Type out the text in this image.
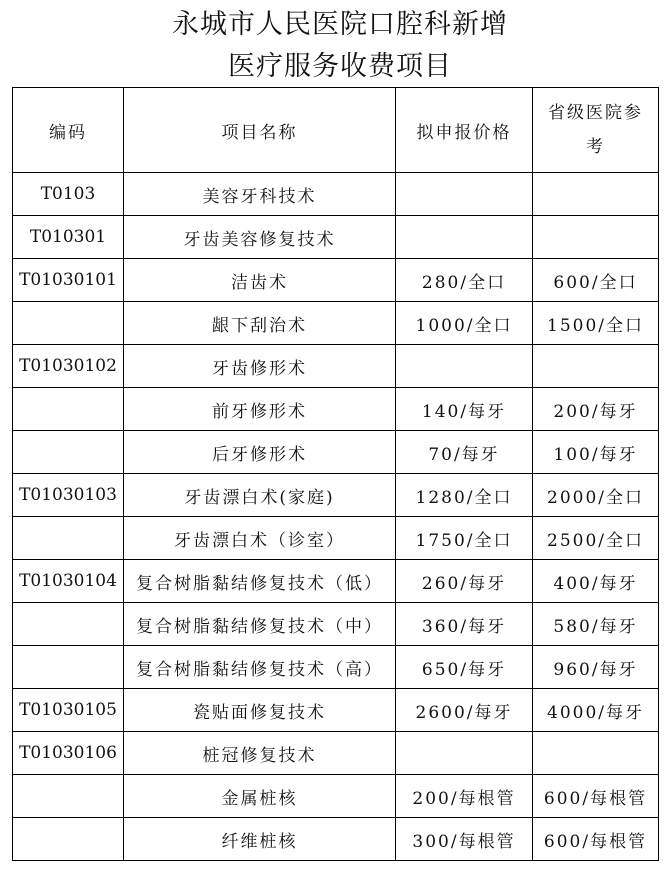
永城市人民医院口腔科新增
医疗服务收费项目
编码	项目名称	拟申报价格	省级医院参考
T0103	美容牙科技术		
T010301	牙齿美容修复技术		
T01030101	洁齿术	280/全口	600/全口
	龈下刮治术	1000/全口	1500/全口
T01030102	牙齿修形术		
	前牙修形术	140/每牙	200/每牙
	后牙修形术	70/每牙	100/每牙
T01030103	牙齿漂白术(家庭)	1280/全口	2000/全口
	牙齿漂白术（诊室）	1750/全口	2500/全口
T01030104	复合树脂黏结修复技术（低）	260/每牙	400/每牙
	复合树脂黏结修复技术（中）	360/每牙	580/每牙
	复合树脂黏结修复技术（高）	650/每牙	960/每牙
T01030105	瓷贴面修复技术	2600/每牙	4000/每牙
T01030106	桩冠修复技术		
	金属桩核	200/每根管	600/每根管
	纤维桩核	300/每根管	600/每根管
